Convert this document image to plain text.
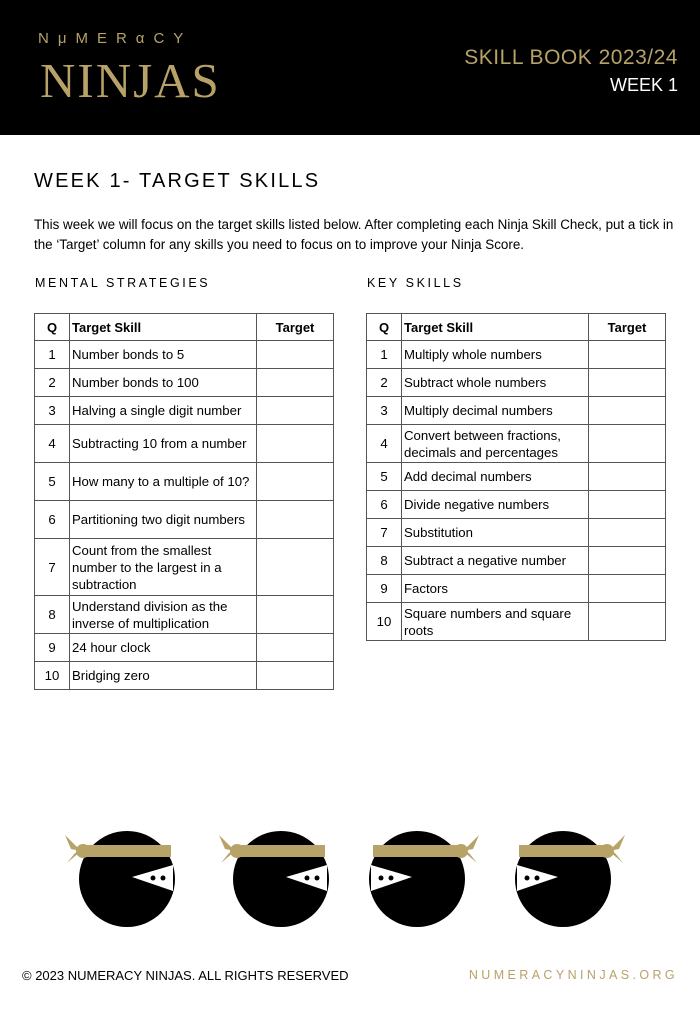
NμMERαCY
NINJAS	SKILL BOOK 2023/24
WEEK 1
WEEK 1- TARGET SKILLS
This week we will focus on the target skills listed below. After completing each Ninja Skill Check, put a tick in the ‘Target’ column for any skills you need to focus on to improve your Ninja Score.
MENTAL STRATEGIES	KEY SKILLS
Q	Target Skill	Target
1	Number bonds to 5	
2	Number bonds to 100	
3	Halving a single digit number	
4	Subtracting 10 from a number	
5	How many to a multiple of 10?	
6	Partitioning two digit numbers	
7	Count from the smallest number to the largest in a subtraction	
8	Understand division as the inverse of multiplication	
9	24 hour clock	
10	Bridging zero	
Q	Target Skill	Target
1	Multiply whole numbers	
2	Subtract whole numbers	
3	Multiply decimal numbers	
4	Convert between fractions, decimals and percentages	
5	Add decimal numbers	
6	Divide negative numbers	
7	Substitution	
8	Subtract a negative number	
9	Factors	
10	Square numbers and square roots	
© 2023 NUMERACY NINJAS. ALL RIGHTS RESERVED	NUMERACYNINJAS.ORG
